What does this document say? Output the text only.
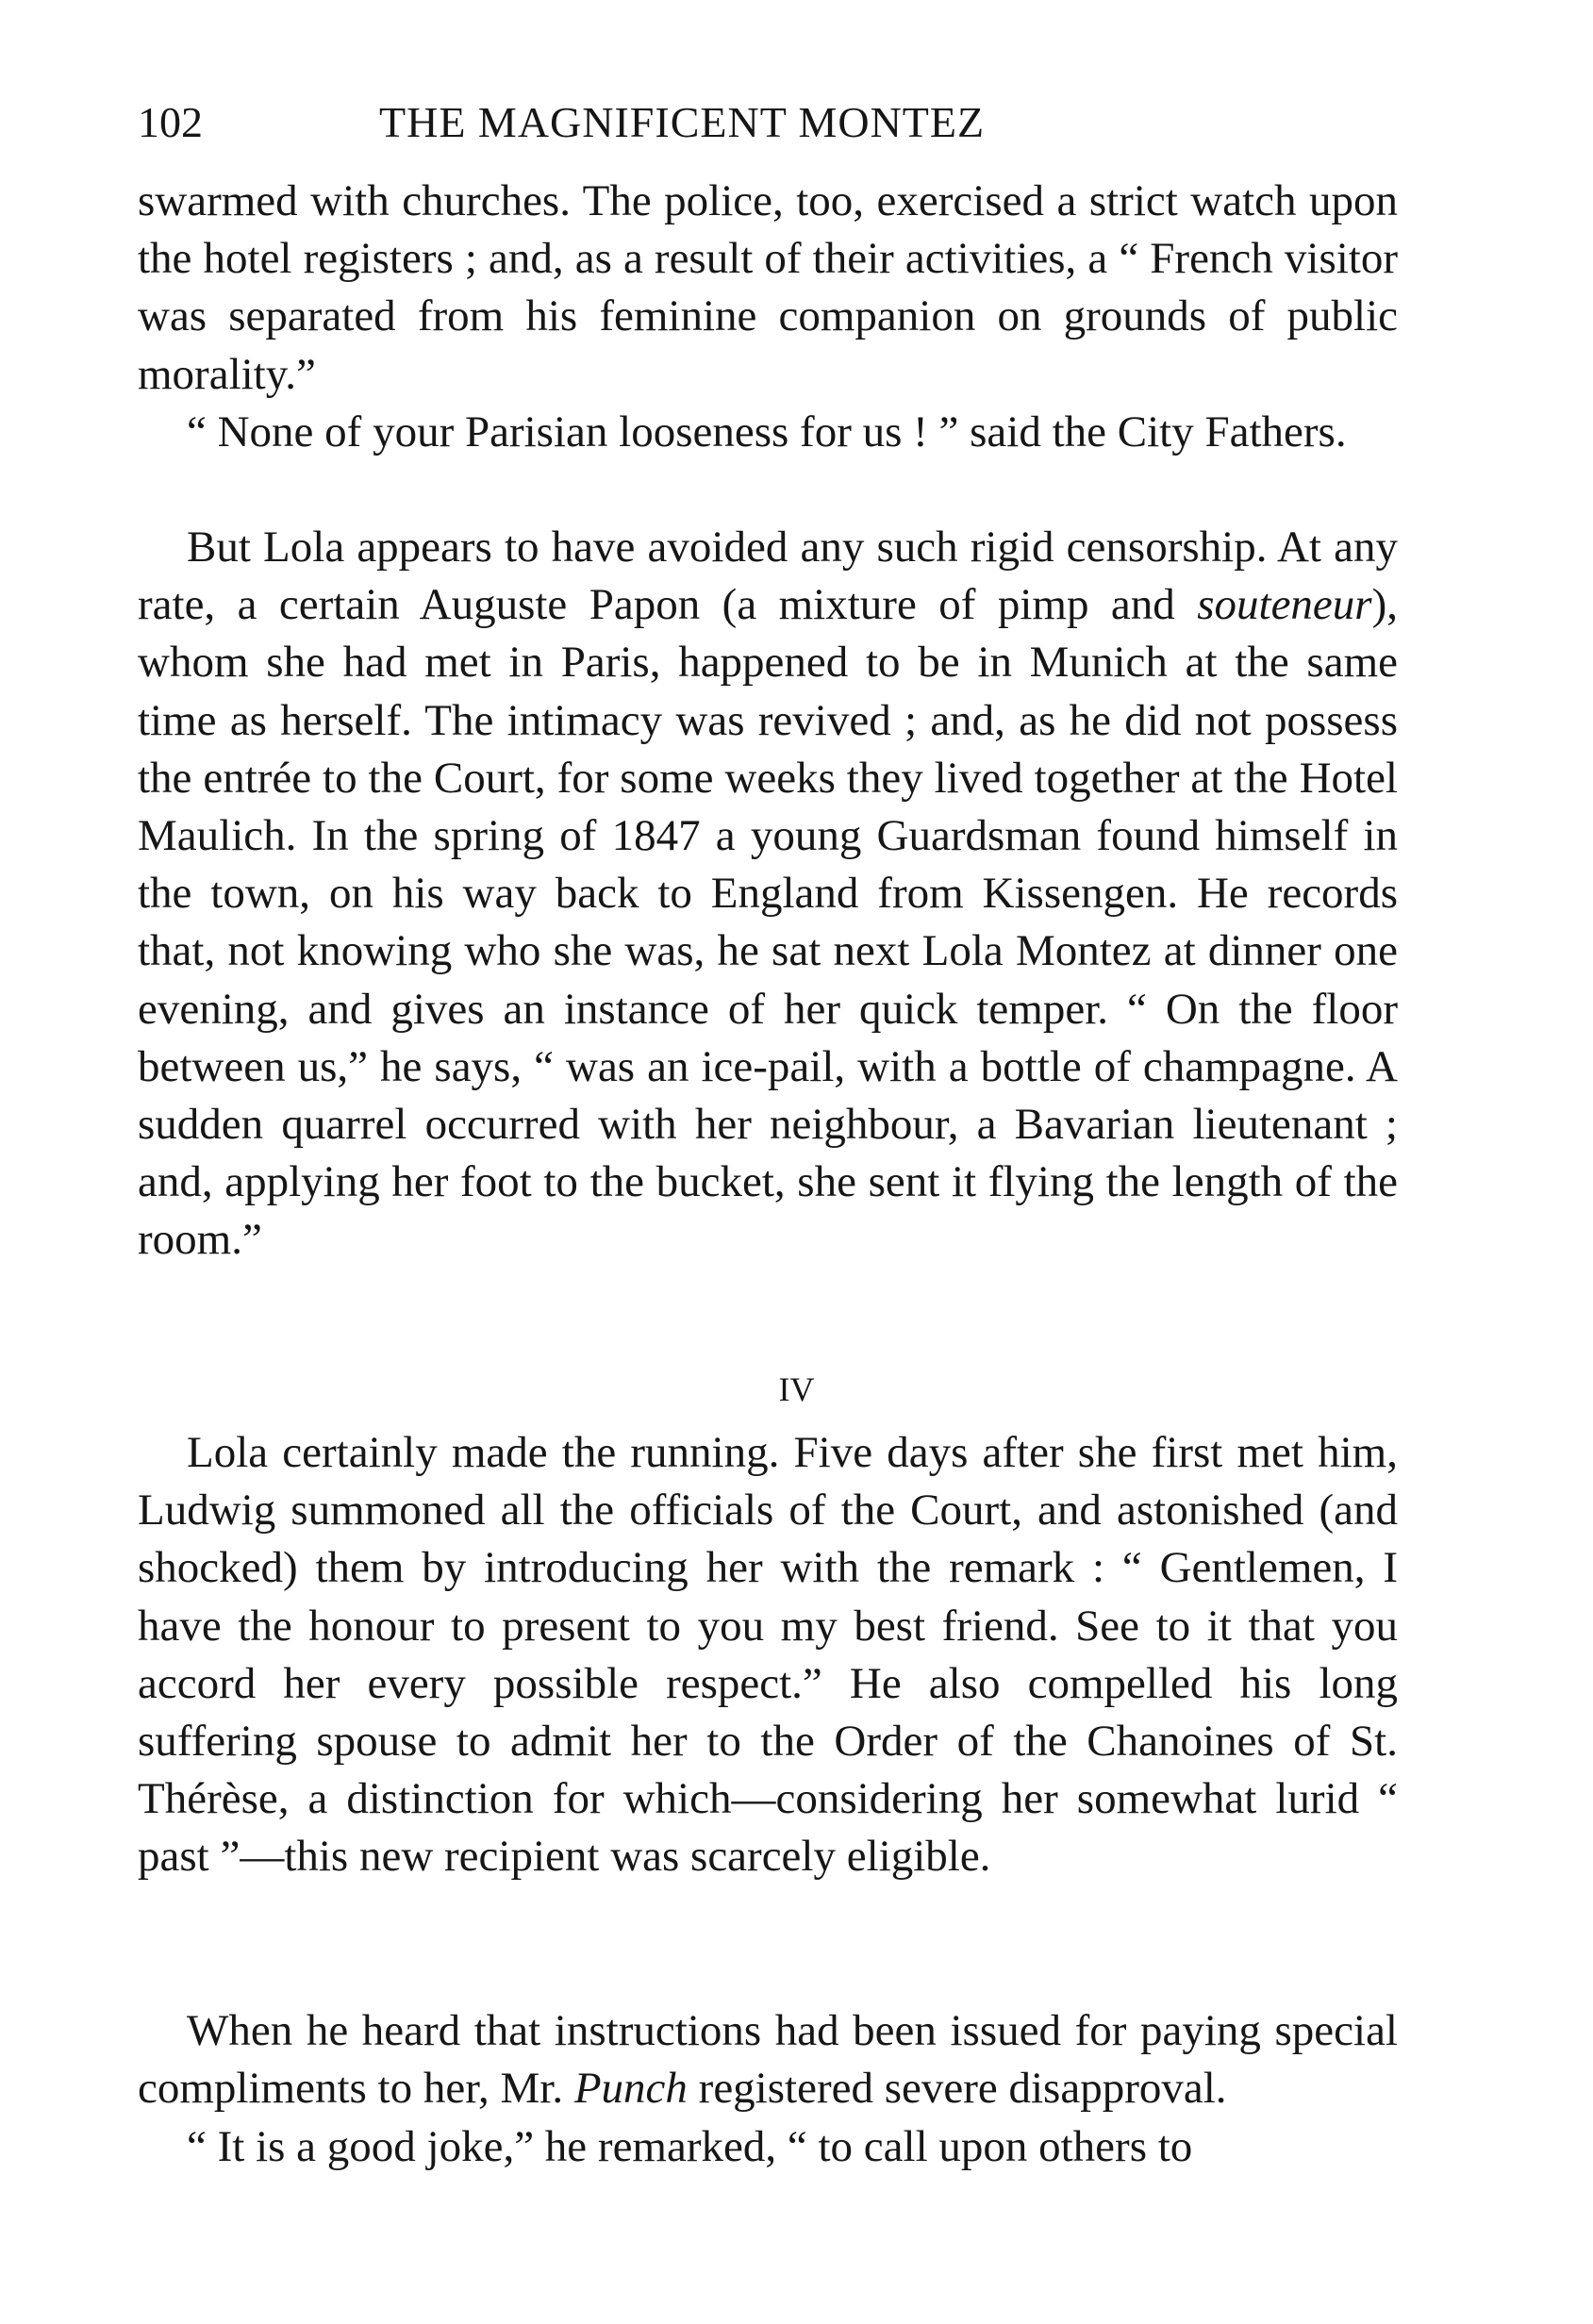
102	THE MAGNIFICENT MONTEZ

swarmed with churches. The police, too, exercised a strict watch upon the hotel registers ; and, as a result of their activities, a “ French visitor was separated from his feminine companion on grounds of public morality.”

“ None of your Parisian looseness for us ! ” said the City Fathers.

But Lola appears to have avoided any such rigid censorship. At any rate, a certain Auguste Papon (a mixture of pimp and souteneur), whom she had met in Paris, happened to be in Munich at the same time as herself. The intimacy was revived ; and, as he did not possess the entrée to the Court, for some weeks they lived together at the Hotel Maulich. In the spring of 1847 a young Guardsman found himself in the town, on his way back to England from Kissengen. He records that, not knowing who she was, he sat next Lola Montez at dinner one evening, and gives an instance of her quick temper. “ On the floor between us,” he says, “ was an ice-pail, with a bottle of champagne. A sudden quarrel occurred with her neighbour, a Bavarian lieutenant ; and, applying her foot to the bucket, she sent it flying the length of the room.”

IV

Lola certainly made the running. Five days after she first met him, Ludwig summoned all the officials of the Court, and astonished (and shocked) them by introducing her with the remark : “ Gentlemen, I have the honour to present to you my best friend. See to it that you accord her every possible respect.” He also compelled his long suffering spouse to admit her to the Order of the Chanoines of St. Thérèse, a distinction for which—considering her somewhat lurid “ past ”—this new recipient was scarcely eligible.

When he heard that instructions had been issued for paying special compliments to her, Mr. Punch registered severe disapproval.

“ It is a good joke,” he remarked, “ to call upon others to
